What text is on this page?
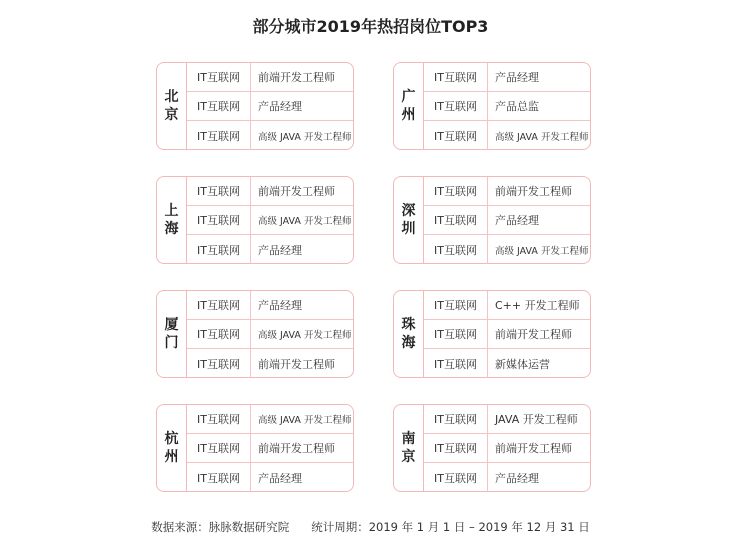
部分城市2019年热招岗位TOP3
北
京
IT互联网	前端开发工程师
IT互联网	产品经理
IT互联网	高级 JAVA 开发工程师
广
州
IT互联网	产品经理
IT互联网	产品总监
IT互联网	高级 JAVA 开发工程师
上
海
IT互联网	前端开发工程师
IT互联网	高级 JAVA 开发工程师
IT互联网	产品经理
深
圳
IT互联网	前端开发工程师
IT互联网	产品经理
IT互联网	高级 JAVA 开发工程师
厦
门
IT互联网	产品经理
IT互联网	高级 JAVA 开发工程师
IT互联网	前端开发工程师
珠
海
IT互联网	C++ 开发工程师
IT互联网	前端开发工程师
IT互联网	新媒体运营
杭
州
IT互联网	高级 JAVA 开发工程师
IT互联网	前端开发工程师
IT互联网	产品经理
南
京
IT互联网	JAVA 开发工程师
IT互联网	前端开发工程师
IT互联网	产品经理
数据来源：脉脉数据研究院 统计周期：2019 年 1 月 1 日 – 2019 年 12 月 31 日
